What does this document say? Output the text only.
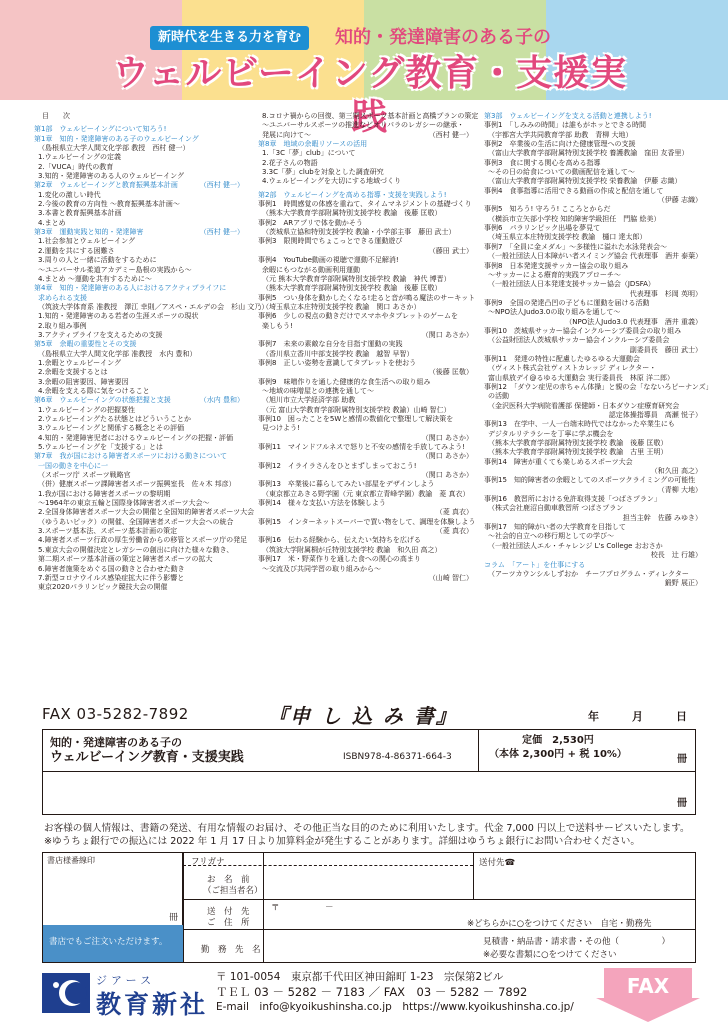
新時代を生きる力を育む	知的・発達障害のある子の
ウェルビーイング教育・支援実践
目　　次
第1部　ウェルビーイングについて知ろう!
第1章　知的・発達障害のある子のウェルビーイング
（島根県立大学人間文化学部 教授　西村 健一）
1.ウェルビーイングの定義
2.「VUCA」時代の教育
3.知的・発達障害のある人のウェルビーイング
第2章　ウェルビーイングと教育振興基本計画	（西村 健一）
1.変化の激しい時代
2.今後の教育の方向性 ～教育振興基本計画～
3.本書と教育振興基本計画
4.まとめ
第3章　運動実践と知的・発達障害	（西村 健一）
1.社会参加とウェルビーイング
2.運動を共にする困難さ
3.周りの人と一緒に活動をするために
～ユニバーサル柔道アカデミー島根の実践から～
4.まとめ ～運動を共有するために～
第4章　知的・発達障害のある人におけるアクティブライフに
求められる支援
（筑波大学体育系 准教授　澤江 幸則／アスペ・エルデの会　杉山 文乃）
1.知的・発達障害のある若者の生涯スポーツの現状
2.取り組み事例
3.アクティブライフを支えるための支援
第5章　余暇の重要性とその支援
（島根県立大学人間文化学部 准教授　水内 豊和）
1.余暇とウェルビーイング
2.余暇を支援するとは
3.余暇の阻害要因、障害要因
4.余暇を支える際に気をつけること
第6章　ウェルビーイングの状態把握と支援	（水内 豊和）
1.ウェルビーイングの把握要性
2.ウェルビーイングたる状態とはどういうことか
3.ウェルビーイングと関係する概念とその評価
4.知的・発達障害児者におけるウェルビーイングの把握・評価
5.ウェルビーイングを「支援する」とは
第7章　我が国における障害者スポーツにおける動きについて
一国の動きを中心に一
（スポーツ庁 スポーツ戦略官
（併）健康スポーツ課障害者スポーツ振興室長　佐々木 邦彦）
1.我が国における障害者スポーツの黎明期
～1964年の東京五輪と国際身体障害者スポーツ大会～
2.全国身体障害者スポーツ大会の開催と全国知的障害者スポーツ大会
（ゆうあいピック）の開催、全国障害者スポーツ大会への統合
3.スポーツ基本法、スポーツ基本計画の策定
4.障害者スポーツ行政の厚生労働省からの移管とスポーツ庁の発足
5.東京大会の開催決定とレガシーの創出に向けた様々な動き、
第二期スポーツ基本計画の策定と障害者スポーツの拡大
6.障害者施策をめぐる国の動きと合わせた動き
7.新型コロナウイルス感染症拡大に伴う影響と
東京2020パラリンピック競技大会の開催
8.コロナ禍からの回復、第三期スポーツ基本計画と高橋プランの策定
～ユニバーサルスポーツの推進などオリパラのレガシーの継承・
発展に向けて～	（西村 健一）
第8章　地域の余暇リソースの活用
1.「3C「夢」club」について
2.花子さんの物語
3.3C「夢」clubを対象とした調査研究
4.ウェルビーイングを大切にする地域づくり
第2部　ウェルビーイングを高める指導・支援を実践しよう!
事例1　時間感覚の体感を重ねて、タイムマネジメントの基礎づくり
（熊本大学教育学部附属特別支援学校 教諭　後藤 匡敬）
事例2　ARアプリで体を動かそう
（茨城県立協和特別支援学校 教諭・小学部主事　藤田 武士）
事例3　限関時間でちょこっとできる運動遊び
（藤田 武士）
事例4　YouTube動画の視聴で運動不足解消!
余暇にもつながる動画利用運動
（元 熊本大学教育学部附属特別支援学校 教諭　神代 博晋）
（熊本大学教育学部附属特別支援学校 教諭　後藤 匡敬）
事例5　つい身体を動かしたくなる!走ると音が鳴る魔法のサーキット
（埼玉県立本庄特別支援学校 教諭　関口 あさか）
事例6　少しの視点の動きだけでスマホやタブレットのゲームを
楽しもう!
（関口 あさか）
事例7　未来の素敵な自分を目指す運動の実践
（香川県立香川中部支援学校 教諭　越智 早智）
事例8　正しい姿勢を意識してタブレットを使おう
（後藤 匡敬）
事例9　味噌作りを通した健康的な食生活への取り組み
～地域の味噌屋との連携を通して～
（旭川市立大学経済学部 助教
（元 富山大学教育学部附属特別支援学校 教諭）山崎 智仁）
事例10　困ったことを5Wと感情の数値化で整理して解決策を
見つけよう!
（関口 あさか）
事例11　マインドフルネスで怒りと不安の感情を手放してみよう!
（関口 あさか）
事例12　イライラさんをひとまずしまっておこう!
（関口 あさか）
事例13　卒業後に暮らしてみたい部屋をデザインしよう
（東京都立あきる野学園（元 東京都立青峰学園）教諭　菱 真衣）
事例14　様々な支払い方法を体験しよう
（菱 真衣）
事例15　インターネットスーパーで買い物をして、調理を体験しよう
（菱 真衣）
事例16　伝わる経験から、伝えたい気持ちを広げる
（筑波大学附属桐が丘特別支援学校 教諭　和久田 高之）
事例17　米・野菜作りを通した食への関心の高まり
～交流及び共同学習の取り組みから～
（山崎 智仁）
第3部　ウェルビーイングを支える活動と連携しよう!
事例1　「しみみの時間」は誰もがホッとできる時間
（宇都宮大学共同教育学部 助教　青柳 大地）
事例2　卒業後の生活に向けた健康管理への支援
（富山大学教育学部附属特別支援学校 養護教諭　窪田 友香里）
事例3　食に関する関心を高める指導
～その日の給食についての動画配信を通して～
（富山大学教育学部附属特別支援学校 栄養教諭　伊藤 志織）
事例4　食事指導に活用できる動画の作成と配信を通して
（伊藤 志織）
事例5　知ろう! 守ろう! こころとからだ
（横浜市立矢部小学校 知的障害学級担任　門脇 絵美）
事例6　パラリンピック出場を夢見て
（埼玉県立本庄特別支援学校 教諭　樋口 達太郎）
事例7　「全員に金メダル」～多様性に溢れた水泳発表会～
（一般社団法人日本障がい者スイミング協会 代表理事　酒井 泰葉）
事例8　日本発達支援サッカー協会の取り組み
～サッカーによる療育的実践アプローチ～
（一般社団法人日本発達支援サッカー協会（JDSFA）
代表理事　杉岡 英明）
事例9　全国の発達凸凹の子どもに運動を届ける活動
～NPO法人Judo3.0の取り組みを通して～
（NPO法人Judo3.0 代表理事　酒井 重義）
事例10　茨城県サッカー協会インクルーシブ委員会の取り組み
（公益財団法人茨城県サッカー協会インクルーシブ委員会
副委員長　藤田 武士）
事例11　発達の特性に配慮したゆるゆる大運動会
（ヴィスト株式会社ヴィストカレッジ ディレクター・
富山県放デイ@るゆる大運動会 実行委員長　林原 洋二郎）
事例12　「ダウン症児の赤ちゃん体操」と親の会「なないろピーナンズ」
の活動
（金沢医科大学病院看護部 保健師・日本ダウン症療育研究会
認定体操指導員　高瀬 悦子）
事例13　在学中、一人一台端末時代ではなかった卒業生にも
デジタルリテラシーを丁寧に学ぶ機会を
（熊本大学教育学部附属特別支援学校 教諭　後藤 匡敬）
（熊本大学教育学部附属特別支援学校 教諭　古里 王明）
事例14　障害が重くても楽しめるスポーツ大会
（和久田 高之）
事例15　知的障害者の余暇としてのスポーツクライミングの可能性
（青柳 大地）
事例16　教習所における免許取得支援「つばさプラン」
（株式会社鹿沼自動車教習所 つばさプラン
担当主幹　佐藤 みゆき）
事例17　知的障がい者の大学教育を目指して
～社会的自立への移行期としての学び～
（一般社団法人エル・チャレンジ L's College おおさか
校長　辻 行雄）
コラム　「アート」を仕事にする
（アーツカウンシルしずおか　チーフプログラム・ディレクター
鍛野 展正）
FAX 03-5282-7892	『申 し 込 み 書』	年	月	日
知的・発達障害のある子の
ウェルビーイング教育・支援実践	ISBN978-4-86371-664-3
定価　2,530円
（本体 2,300円 + 税 10%）	冊
冊
お客様の個人情報は、書籍の発送、有用な情報のお届け、その他正当な目的のために利用いたします。代金 7,000 円以上で送料サービスいたします。
※ゆうちょ銀行での振込には 2022 年 1 月 17 日より加算料金が発生することがあります。詳細はゆうちょ銀行にお問い合わせください。
書店様番線印
冊
書店でもご注文いただけます。
フリガナ
お　名　前
（ご担当者名）
送付先☎
送　付　先
ご　住　所
〒	－
※どちらかに○をつけてください　自宅・勤務先
勤　務　先　名
見積書・納品書・請求書・その他（　　　　　）
※必要な書類に○をつけてください
ジアース
教育新社
〒 101-0054　東京都千代田区神田錦町 1-23　宗保第2ビル
ＴＥＬ 03 － 5282 － 7183 ／ FAX　03 － 5282 － 7892
E-mail　info@kyoikushinsha.co.jp　https://www.kyoikushinsha.co.jp/
FAX
